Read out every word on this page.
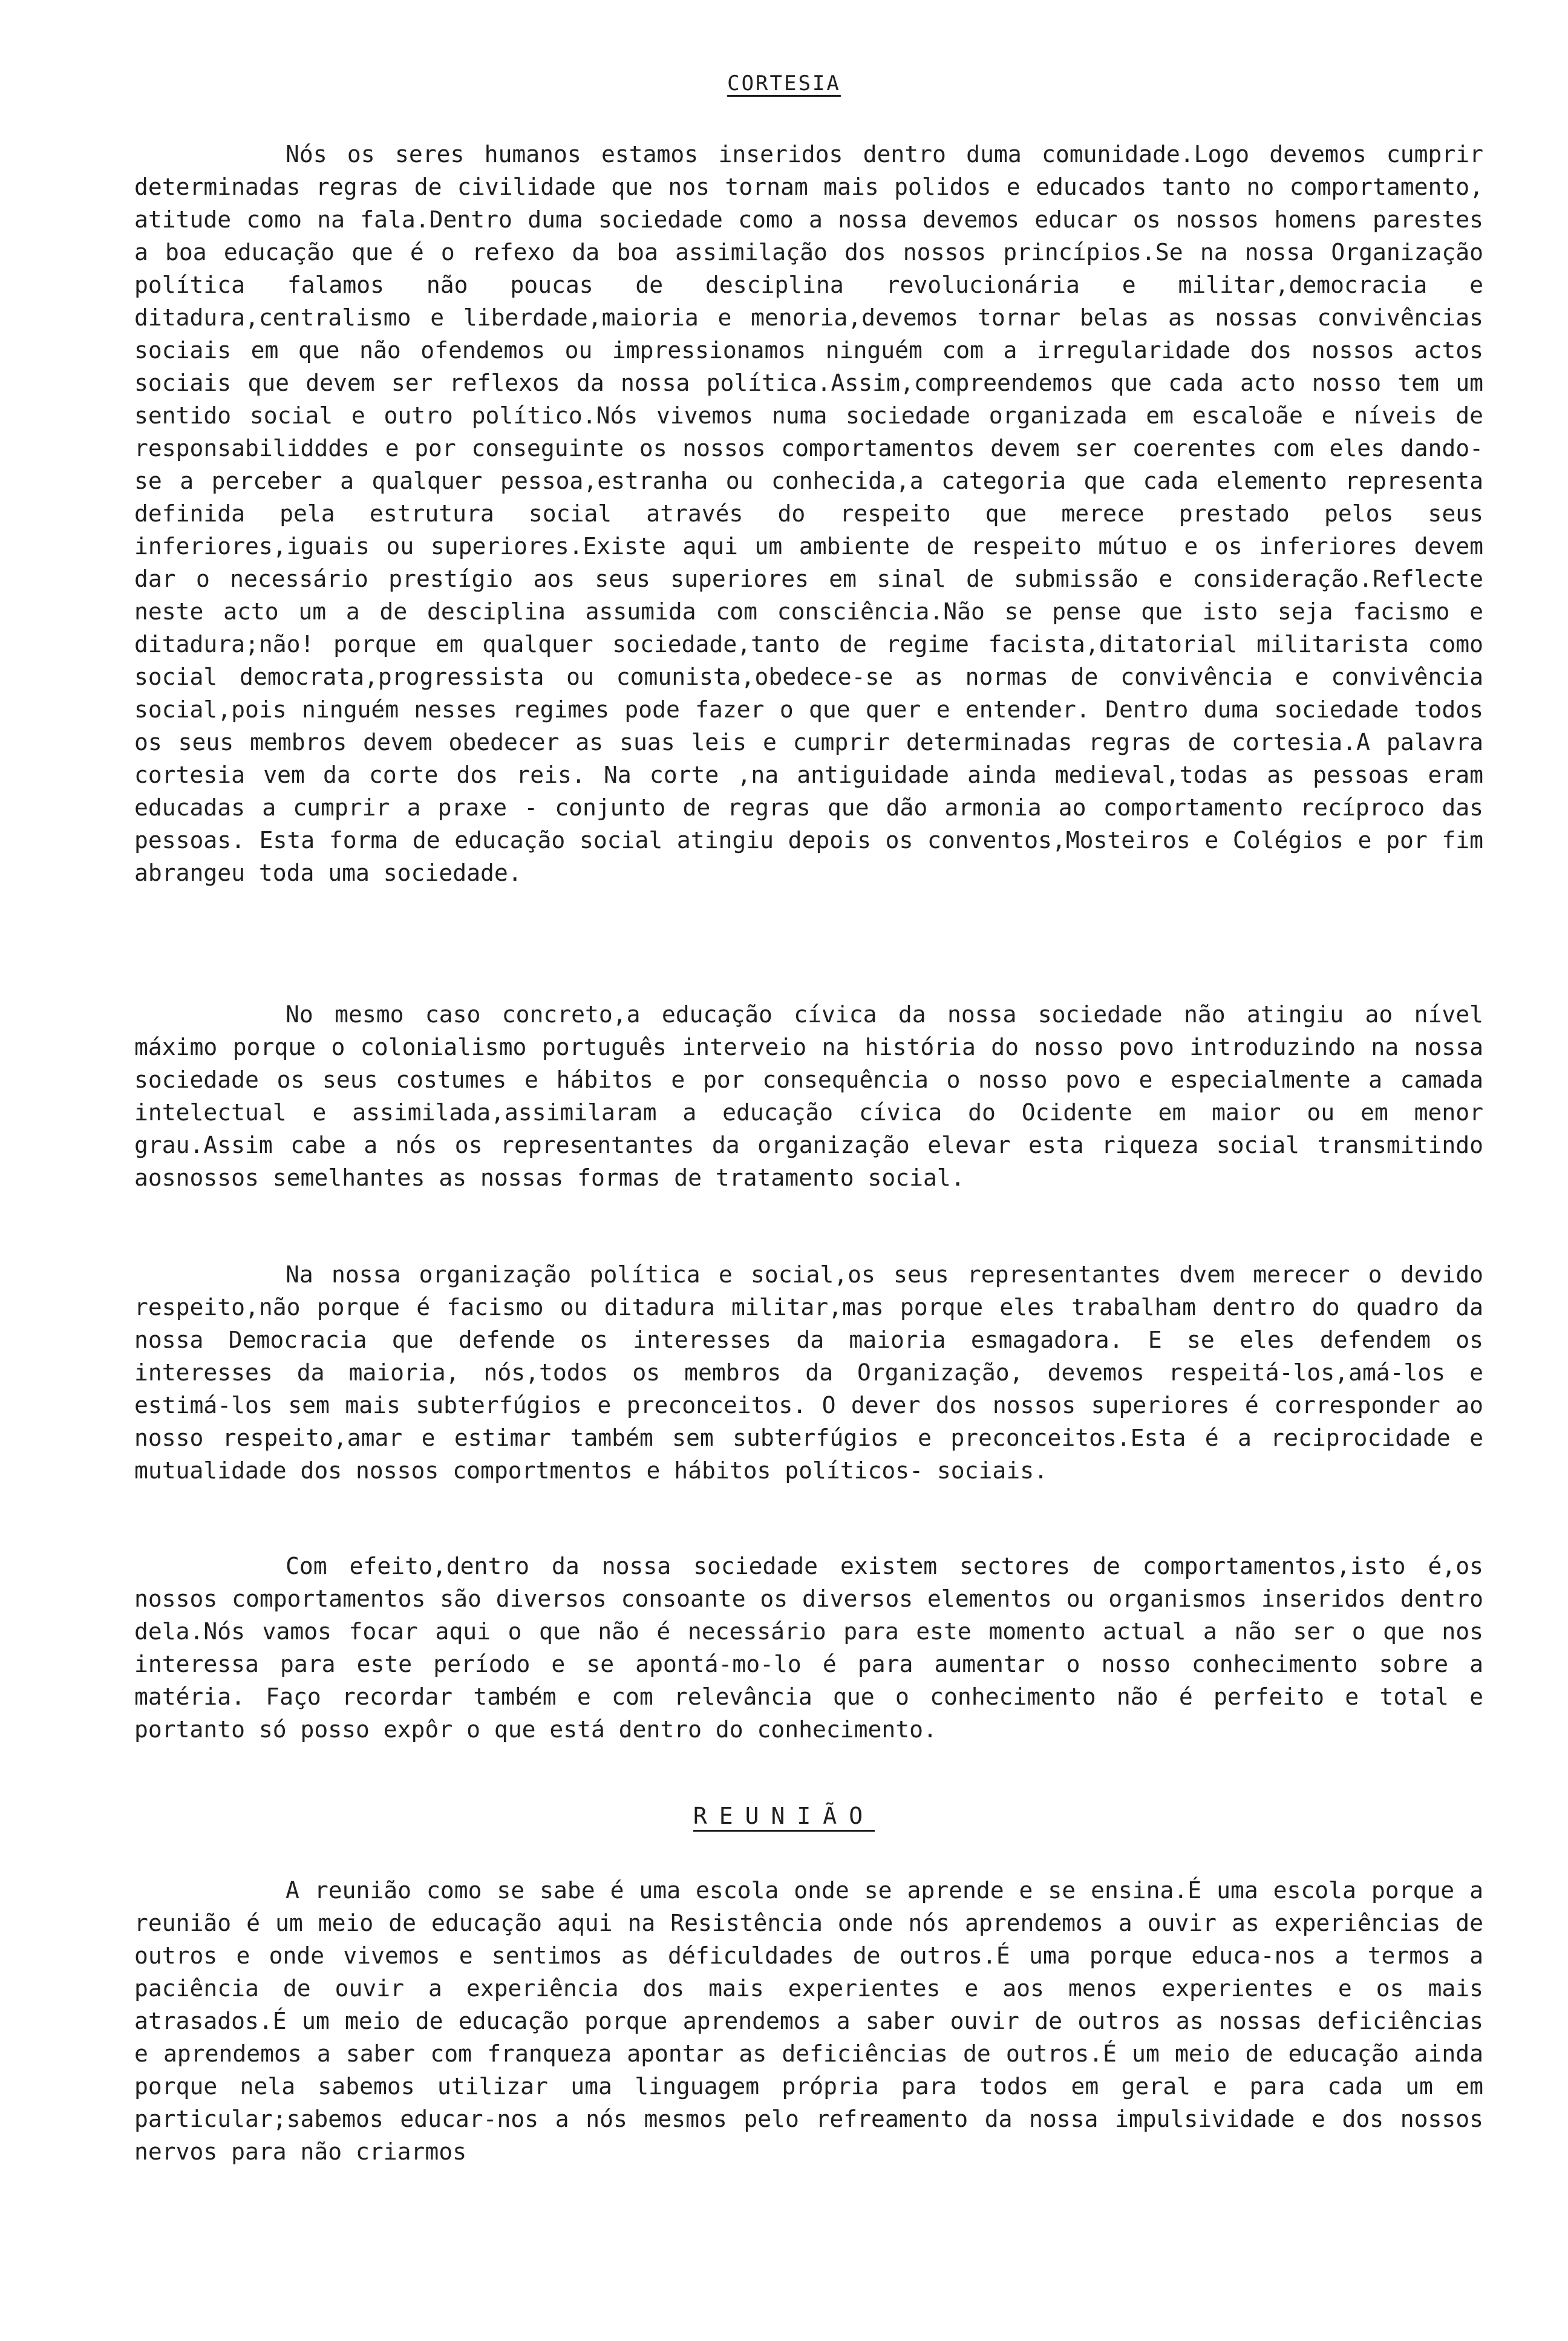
CORTESIA

Nós os seres humanos estamos inseridos dentro duma comunidade.Logo devemos cumprir determinadas regras de civilidade que nos tornam mais polidos e educados tanto no comportamento, atitude como na fala.Dentro duma sociedade como a nossa devemos educar os nossos homens parestes a boa educação que é o refexo da boa assimilação dos nossos princípios.Se na nossa Organização política falamos não poucas de desciplina revolucionária e militar,democracia e ditadura,centralismo e liberdade,maioria e menoria,devemos tornar belas as nossas convivências sociais em que não ofendemos ou impressionamos ninguém com a irregularidade dos nossos actos sociais que devem ser reflexos da nossa política.Assim,compreendemos que cada acto nosso tem um sentido social e outro político.Nós vivemos numa sociedade organizada em escaloãe e níveis de responsabilidddes e por conseguinte os nossos comportamentos devem ser coerentes com eles dando-se a perceber a qualquer pessoa,estranha ou conhecida,a categoria que cada elemento representa definida pela estrutura social através do respeito que merece prestado pelos seus inferiores,iguais ou superiores.Existe aqui um ambiente de respeito mútuo e os inferiores devem dar o necessário prestígio aos seus superiores em sinal de submissão e consideração.Reflecte neste acto um a de desciplina assumida com consciência.Não se pense que isto seja facismo e ditadura;não! porque em qualquer sociedade,tanto de regime facista,ditatorial militarista como social democrata,progressista ou comunista,obedece-se as normas de convivência e convivência social,pois ninguém nesses regimes pode fazer o que quer e entender. Dentro duma sociedade todos os seus membros devem obedecer as suas leis e cumprir determinadas regras de cortesia.A palavra cortesia vem da corte dos reis. Na corte ,na antiguidade ainda medieval,todas as pessoas eram educadas a cumprir a praxe - conjunto de regras que dão armonia ao comportamento recíproco das pessoas. Esta forma de educação social atingiu depois os conventos,Mosteiros e Colégios e por fim abrangeu toda uma sociedade.

No mesmo caso concreto,a educação cívica da nossa sociedade não atingiu ao nível máximo porque o colonialismo português interveio na história do nosso povo introduzindo na nossa sociedade os seus costumes e hábitos e por consequência o nosso povo e especialmente a camada intelectual e assimilada,assimilaram a educação cívica do Ocidente em maior ou em menor grau.Assim cabe a nós os representantes da organização elevar esta riqueza social transmitindo aosnossos semelhantes as nossas formas de tratamento social.

Na nossa organização política e social,os seus representantes dvem merecer o devido respeito,não porque é facismo ou ditadura militar,mas porque eles trabalham dentro do quadro da nossa Democracia que defende os interesses da maioria esmagadora. E se eles defendem os interesses da maioria, nós,todos os membros da Organização, devemos respeitá-los,amá-los e estimá-los sem mais subterfúgios e preconceitos. O dever dos nossos superiores é corresponder ao nosso respeito,amar e estimar também sem subterfúgios e preconceitos.Esta é a reciprocidade e mutualidade dos nossos comportmentos e hábitos políticos- sociais.

Com efeito,dentro da nossa sociedade existem sectores de comportamentos,isto é,os nossos comportamentos são diversos consoante os diversos elementos ou organismos inseridos dentro dela.Nós vamos focar aqui o que não é necessário para este momento actual a não ser o que nos interessa para este período e se apontá-mo-lo é para aumentar o nosso conhecimento sobre a matéria. Faço recordar também e com relevância que o conhecimento não é perfeito e total e portanto só posso expôr o que está dentro do conhecimento.

REUNIÃO

A reunião como se sabe é uma escola onde se aprende e se ensina.É uma escola porque a reunião é um meio de educação aqui na Resistência onde nós aprendemos a ouvir as experiências de outros e onde vivemos e sentimos as déficuldades de outros.É uma porque educa-nos a termos a paciência de ouvir a experiência dos mais experientes e aos menos experientes e os mais atrasados.É um meio de educação porque aprendemos a saber ouvir de outros as nossas deficiências e aprendemos a saber com franqueza apontar as deficiências de outros.É um meio de educação ainda porque nela sabemos utilizar uma linguagem própria para todos em geral e para cada um em particular;sabemos educar-nos a nós mesmos pelo refreamento da nossa impulsividade e dos nossos nervos para não criarmos
